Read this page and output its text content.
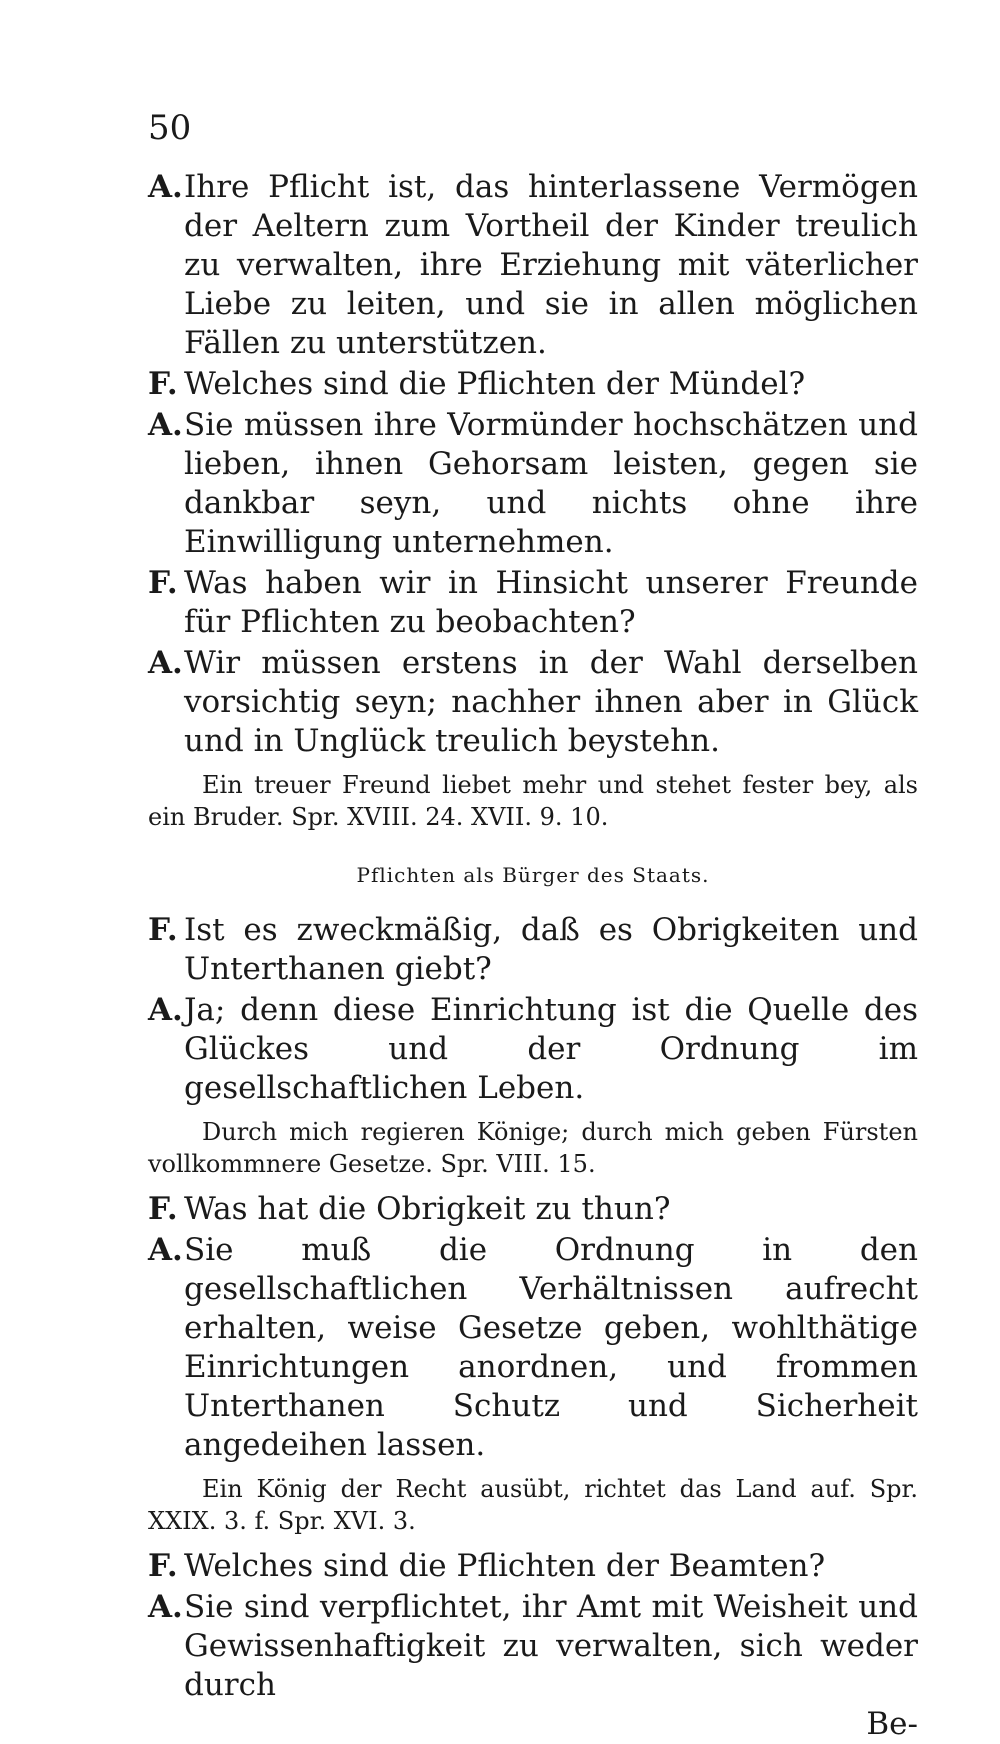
50
A. Ihre Pflicht ist, das hinterlassene Vermögen der Aeltern zum Vortheil der Kinder treulich zu verwalten, ihre Erziehung mit väterlicher Liebe zu leiten, und sie in allen möglichen Fällen zu unterstützen.
F. Welches sind die Pflichten der Mündel?
A. Sie müssen ihre Vormünder hochschätzen und lieben, ihnen Gehorsam leisten, gegen sie dankbar seyn, und nichts ohne ihre Einwilligung unternehmen.
F. Was haben wir in Hinsicht unserer Freunde für Pflichten zu beobachten?
A. Wir müssen erstens in der Wahl derselben vorsichtig seyn; nachher ihnen aber in Glück und in Unglück treulich beystehn.
Ein treuer Freund liebet mehr und stehet fester bey, als ein Bruder. Spr. XVIII. 24. XVII. 9. 10.
Pflichten als Bürger des Staats.
F. Ist es zweckmäßig, daß es Obrigkeiten und Unterthanen giebt?
A. Ja; denn diese Einrichtung ist die Quelle des Glückes und der Ordnung im gesellschaftlichen Leben.
Durch mich regieren Könige; durch mich geben Fürsten vollkommnere Gesetze. Spr. VIII. 15.
F. Was hat die Obrigkeit zu thun?
A. Sie muß die Ordnung in den gesellschaftlichen Verhältnissen aufrecht erhalten, weise Gesetze geben, wohlthätige Einrichtungen anordnen, und frommen Unterthanen Schutz und Sicherheit angedeihen lassen.
Ein König der Recht ausübt, richtet das Land auf. Spr. XXIX. 3. f. Spr. XVI. 3.
F. Welches sind die Pflichten der Beamten?
A. Sie sind verpflichtet, ihr Amt mit Weisheit und Gewissenhaftigkeit zu verwalten, sich weder durch
Be-
